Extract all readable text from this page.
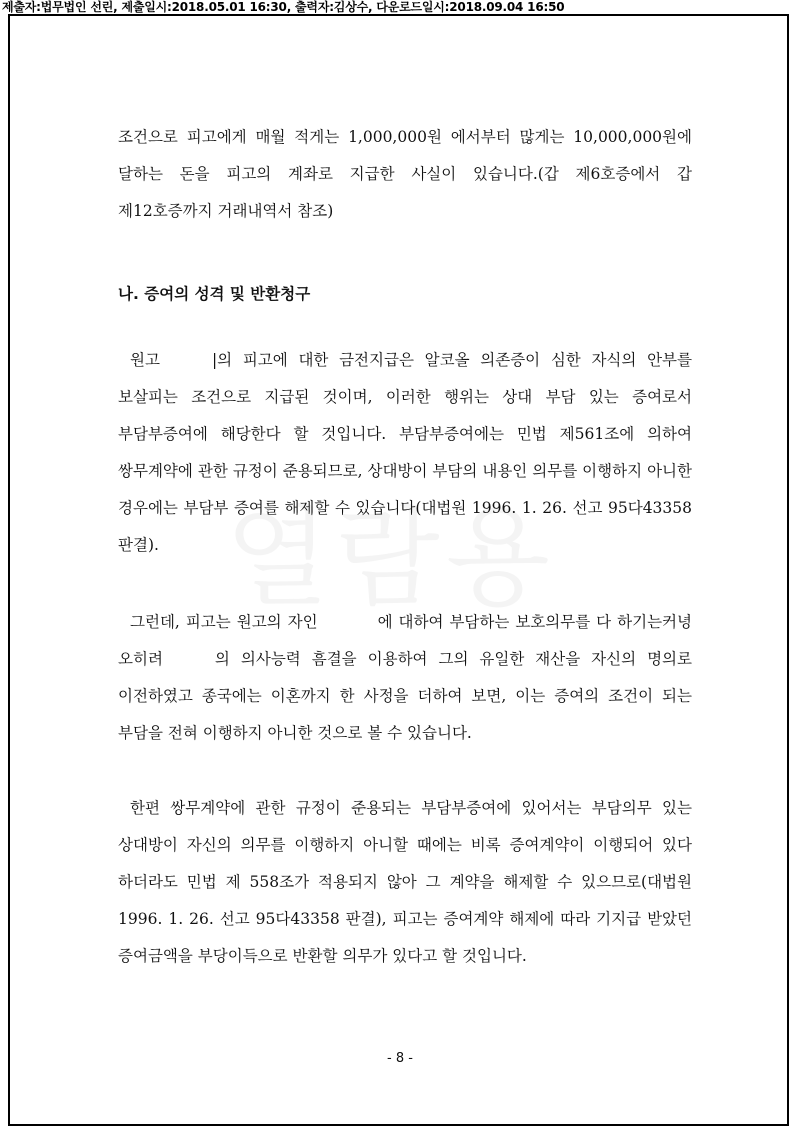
제출자:법무법인 선린, 제출일시:2018.05.01 16:30, 출력자:김상수, 다운로드일시:2018.09.04 16:50

조건으로 피고에게 매월 적게는 1,000,000원 에서부터 많게는 10,000,000원에 달하는 돈을 피고의 계좌로 지급한 사실이 있습니다.(갑 제6호증에서 갑 제12호증까지 거래내역서 참조)

나. 증여의 성격 및 반환청구

원고	|의 피고에 대한 금전지급은 알코올 의존증이 심한 자식의 안부를 보살피는 조건으로 지급된 것이며, 이러한 행위는 상대 부담 있는 증여로서 부담부증여에 해당한다 할 것입니다. 부담부증여에는 민법 제561조에 의하여 쌍무계약에 관한 규정이 준용되므로, 상대방이 부담의 내용인 의무를 이행하지 아니한 경우에는 부담부 증여를 해제할 수 있습니다(대법원 1996. 1. 26. 선고 95다43358 판결).

그런데, 피고는 원고의 자인	에 대하여 부담하는 보호의무를 다 하기는커녕 오히려	의 의사능력 흠결을 이용하여 그의 유일한 재산을 자신의 명의로 이전하였고 종국에는 이혼까지 한 사정을 더하여 보면, 이는 증여의 조건이 되는 부담을 전혀 이행하지 아니한 것으로 볼 수 있습니다.

한편 쌍무계약에 관한 규정이 준용되는 부담부증여에 있어서는 부담의무 있는 상대방이 자신의 의무를 이행하지 아니할 때에는 비록 증여계약이 이행되어 있다 하더라도 민법 제 558조가 적용되지 않아 그 계약을 해제할 수 있으므로(대법원 1996. 1. 26. 선고 95다43358 판결), 피고는 증여계약 해제에 따라 기지급 받았던 증여금액을 부당이득으로 반환할 의무가 있다고 할 것입니다.

- 8 -
